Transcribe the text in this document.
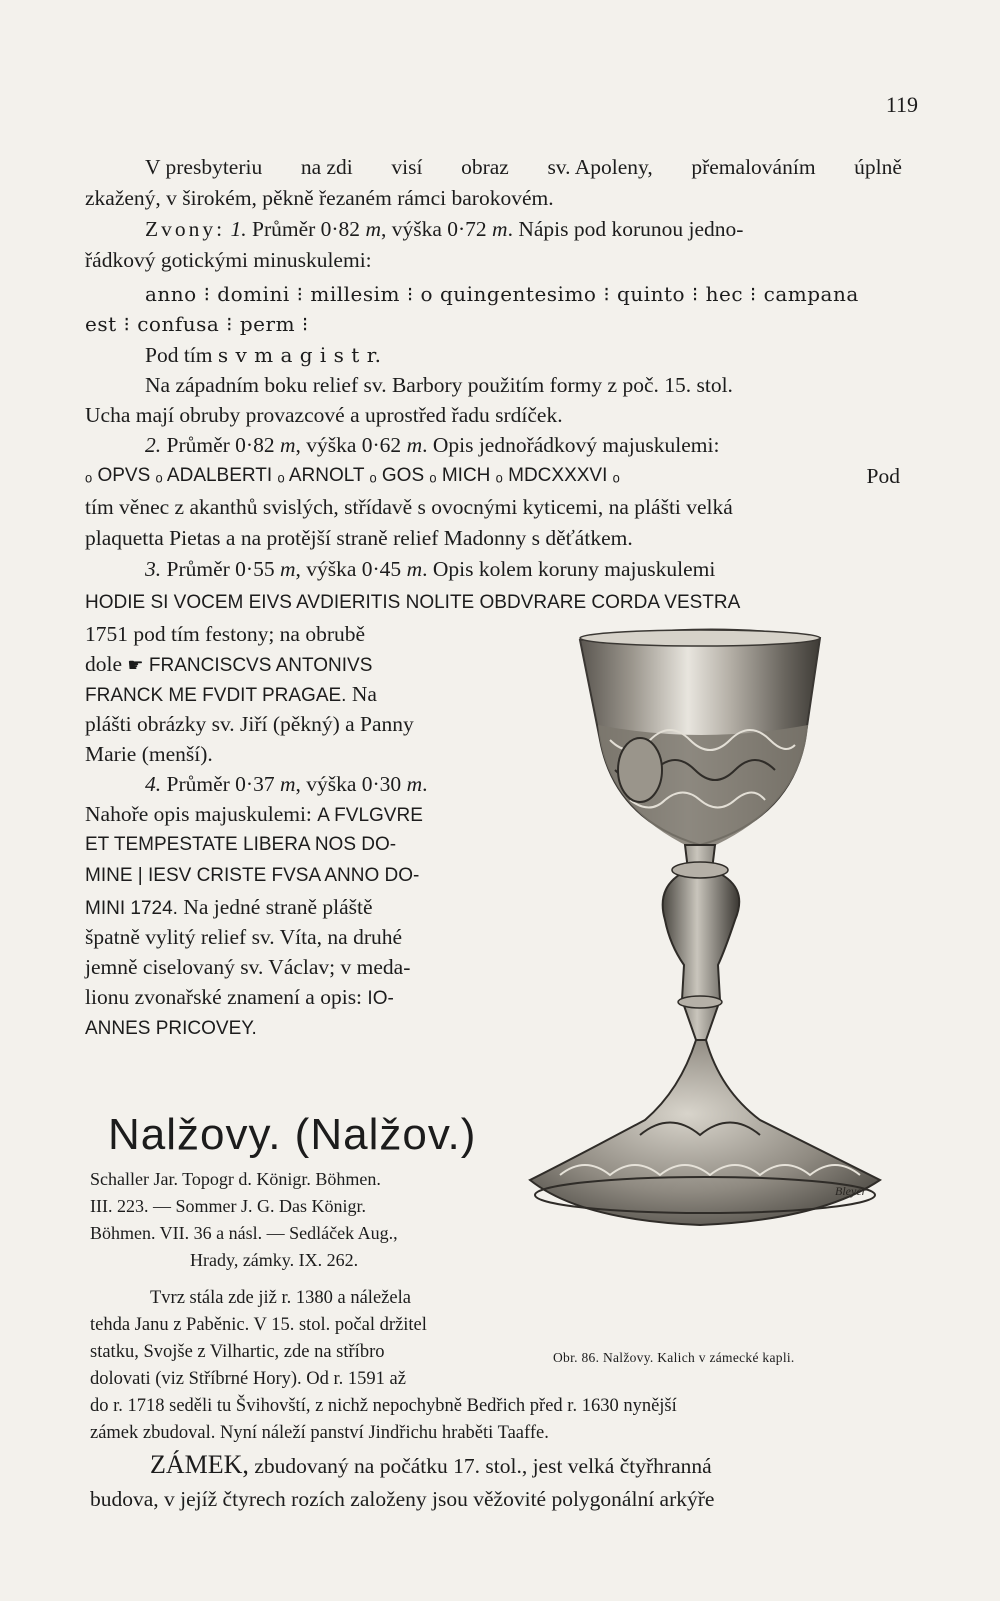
119
V presbyteriu na zdi visí obraz sv. Apoleny, přemalováním úplně
zkažený, v širokém, pěkně řezaném rámci barokovém.
Zvony: 1. Průměr 0·82 m, výška 0·72 m. Nápis pod korunou jedno-
řádkový gotickými minuskulemi:
anno ⁝ domini ⁝ millesim ⁝ o quingentesimo ⁝ quinto ⁝ hec ⁝ campana
est ⁝ confusa ⁝ perm ⁝
Pod tím s v m a g i s t r.
Na západním boku relief sv. Barbory použitím formy z poč. 15. stol.
Ucha mají obruby provazcové a uprostřed řadu srdíček.
2. Průměr 0·82 m, výška 0·62 m. Opis jednořádkový majuskulemi:
ₒ OPVS ₒ ADALBERTI ₒ ARNOLT ₒ GOS ₒ MICH ₒ MDCXXXVI ₒ	Pod
tím věnec z akanthů svislých, střídavě s ovocnými kyticemi, na plášti velká
plaquetta Pietas a na protější straně relief Madonny s děťátkem.
3. Průměr 0·55 m, výška 0·45 m. Opis kolem koruny majuskulemi
HODIE SI VOCEM EIVS AVDIERITIS NOLITE OBDVRARE CORDA VESTRA
1751 pod tím festony; na obrubě
dole ☛ FRANCISCVS ANTONIVS
FRANCK ME FVDIT PRAGAE. Na
plášti obrázky sv. Jiří (pěkný) a Panny
Marie (menší).
4. Průměr 0·37 m, výška 0·30 m.
Nahoře opis majuskulemi: A FVLGVRE
ET TEMPESTATE LIBERA NOS DO-
MINE | IESV CRISTE FVSA ANNO DO-
MINI 1724. Na jedné straně pláště
špatně vylitý relief sv. Víta, na druhé
jemně ciselovaný sv. Václav; v meda-
lionu zvonařské znamení a opis: IO-
ANNES PRICOVEY.
Bleyer
Nalžovy. (Nalžov.)
Schaller Jar. Topogr d. Königr. Böhmen.
III. 223. — Sommer J. G. Das Königr.
Böhmen. VII. 36 a násl. — Sedláček Aug.,
Hrady, zámky. IX. 262.
Tvrz stála zde již r. 1380 a náležela
tehda Janu z Paběnic. V 15. stol. počal držitel
statku, Svojše z Vilhartic, zde na stříbro
dolovati (viz Stříbrné Hory). Od r. 1591 až
do r. 1718 seděli tu Švihovští, z nichž nepochybně Bedřich před r. 1630 nynější
zámek zbudoval. Nyní náleží panství Jindřichu hraběti Taaffe.
Obr. 86. Nalžovy. Kalich v zámecké kapli.
ZÁMEK, zbudovaný na počátku 17. stol., jest velká čtyřhranná
budova, v jejíž čtyrech rozích založeny jsou věžovité polygonální arkýře
